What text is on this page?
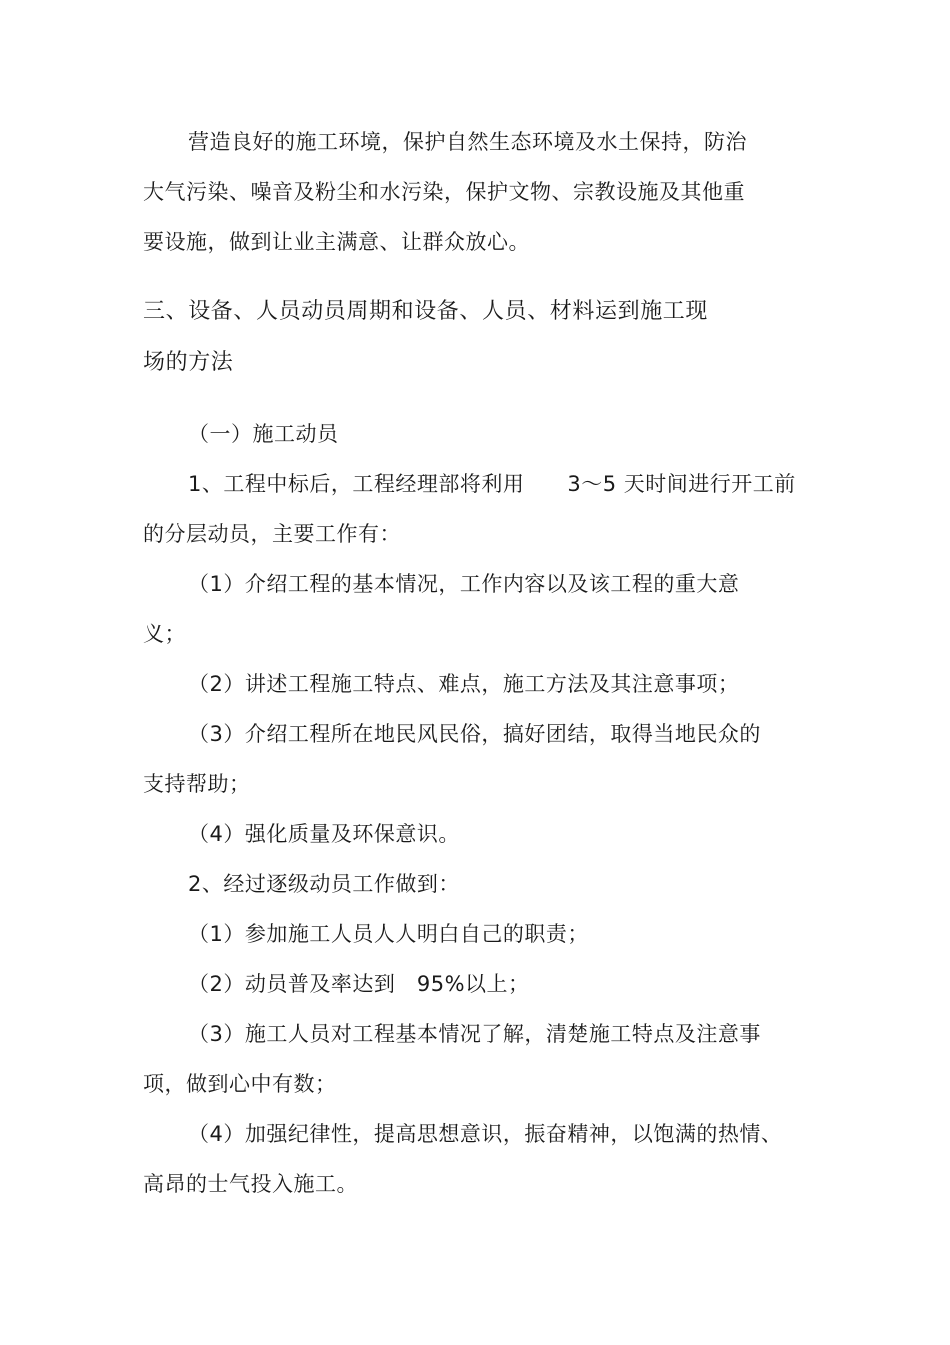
营造良好的施工环境，保护自然生态环境及水土保持，防治
大气污染、噪音及粉尘和水污染，保护文物、宗教设施及其他重
要设施，做到让业主满意、让群众放心。
三、设备、人员动员周期和设备、人员、材料运到施工现
场的方法
（一）施工动员
1、工程中标后，工程经理部将利用　　3～5 天时间进行开工前
的分层动员，主要工作有：
（1）介绍工程的基本情况，工作内容以及该工程的重大意
义；
（2）讲述工程施工特点、难点，施工方法及其注意事项；
（3）介绍工程所在地民风民俗，搞好团结，取得当地民众的
支持帮助；
（4）强化质量及环保意识。
2、经过逐级动员工作做到：
（1）参加施工人员人人明白自己的职责；
（2）动员普及率达到　95%以上；
（3）施工人员对工程基本情况了解，清楚施工特点及注意事
项，做到心中有数；
（4）加强纪律性，提高思想意识，振奋精神，以饱满的热情、
高昂的士气投入施工。
